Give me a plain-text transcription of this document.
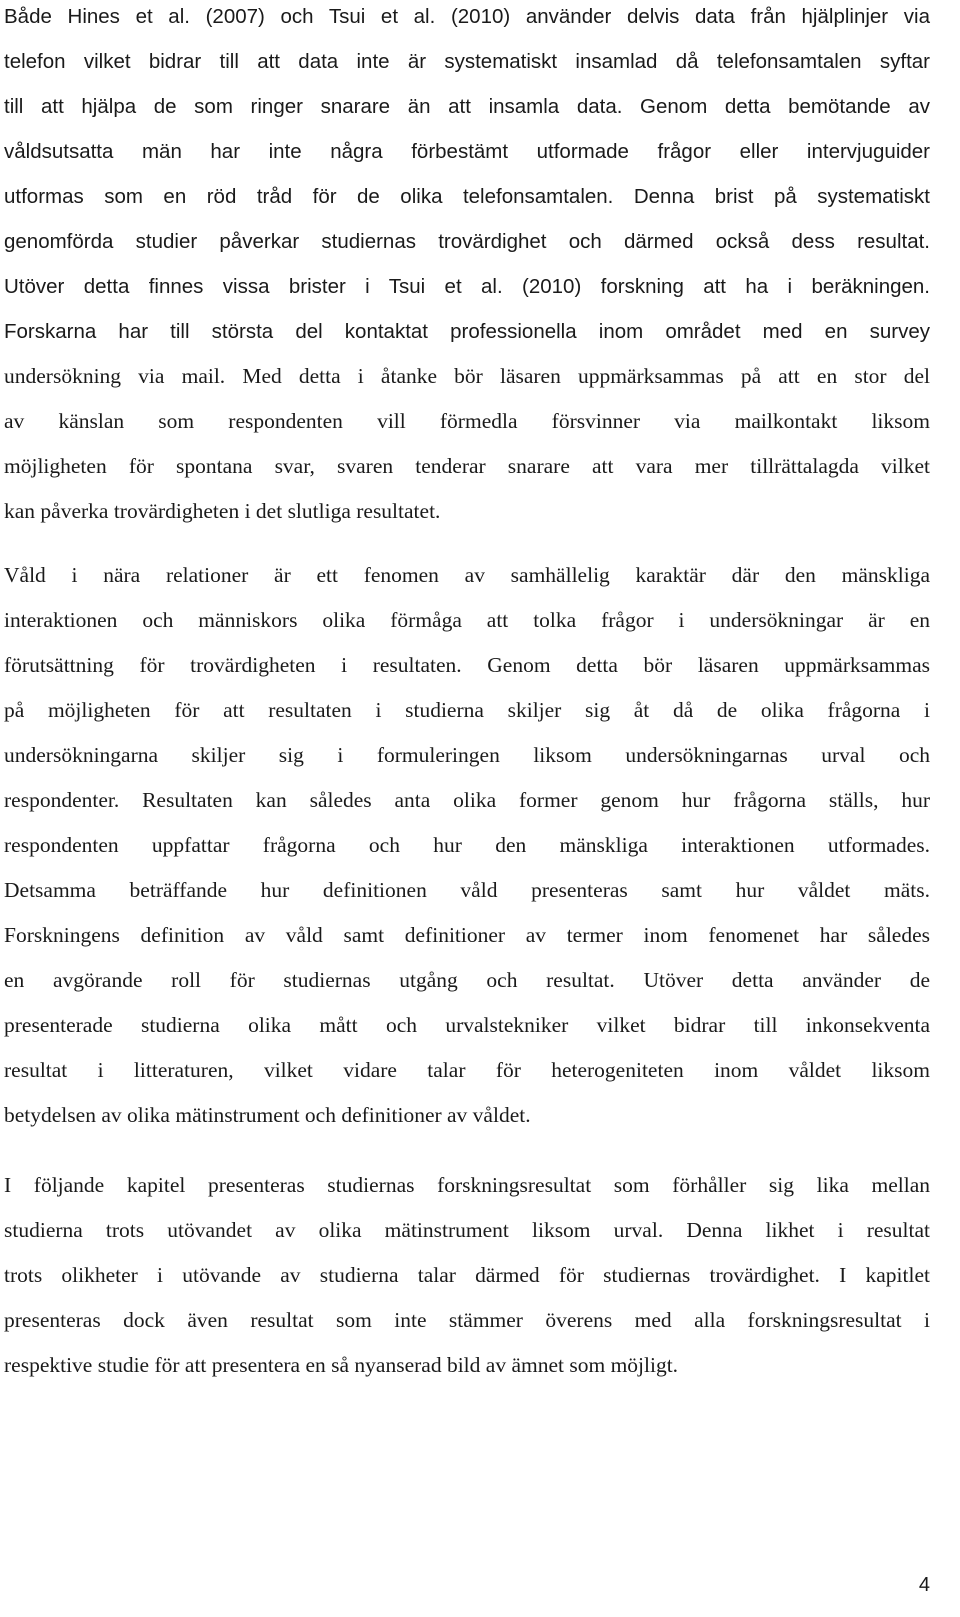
Både Hines et al. (2007) och Tsui et al. (2010) använder delvis data från hjälplinjer via
telefon vilket bidrar till att data inte är systematiskt insamlad då telefonsamtalen syftar
till att hjälpa de som ringer snarare än att insamla data. Genom detta bemötande av
våldsutsatta män har inte några förbestämt utformade frågor eller intervjuguider
utformas som en röd tråd för de olika telefonsamtalen. Denna brist på systematiskt
genomförda studier påverkar studiernas trovärdighet och därmed också dess resultat.
Utöver detta finnes vissa brister i Tsui et al. (2010) forskning att ha i beräkningen.
Forskarna har till största del kontaktat professionella inom området med en survey
undersökning via mail. Med detta i åtanke bör läsaren uppmärksammas på att en stor del
av känslan som respondenten vill förmedla försvinner via mailkontakt liksom
möjligheten för spontana svar, svaren tenderar snarare att vara mer tillrättalagda vilket
kan påverka trovärdigheten i det slutliga resultatet.
Våld i nära relationer är ett fenomen av samhällelig karaktär där den mänskliga
interaktionen och människors olika förmåga att tolka frågor i undersökningar är en
förutsättning för trovärdigheten i resultaten. Genom detta bör läsaren uppmärksammas
på möjligheten för att resultaten i studierna skiljer sig åt då de olika frågorna i
undersökningarna skiljer sig i formuleringen liksom undersökningarnas urval och
respondenter. Resultaten kan således anta olika former genom hur frågorna ställs, hur
respondenten uppfattar frågorna och hur den mänskliga interaktionen utformades.
Detsamma beträffande hur definitionen våld presenteras samt hur våldet mäts.
Forskningens definition av våld samt definitioner av termer inom fenomenet har således
en avgörande roll för studiernas utgång och resultat. Utöver detta använder de
presenterade studierna olika mått och urvalstekniker vilket bidrar till inkonsekventa
resultat i litteraturen, vilket vidare talar för heterogeniteten inom våldet liksom
betydelsen av olika mätinstrument och definitioner av våldet.
I följande kapitel presenteras studiernas forskningsresultat som förhåller sig lika mellan
studierna trots utövandet av olika mätinstrument liksom urval. Denna likhet i resultat
trots olikheter i utövande av studierna talar därmed för studiernas trovärdighet. I kapitlet
presenteras dock även resultat som inte stämmer överens med alla forskningsresultat i
respektive studie för att presentera en så nyanserad bild av ämnet som möjligt.
4
